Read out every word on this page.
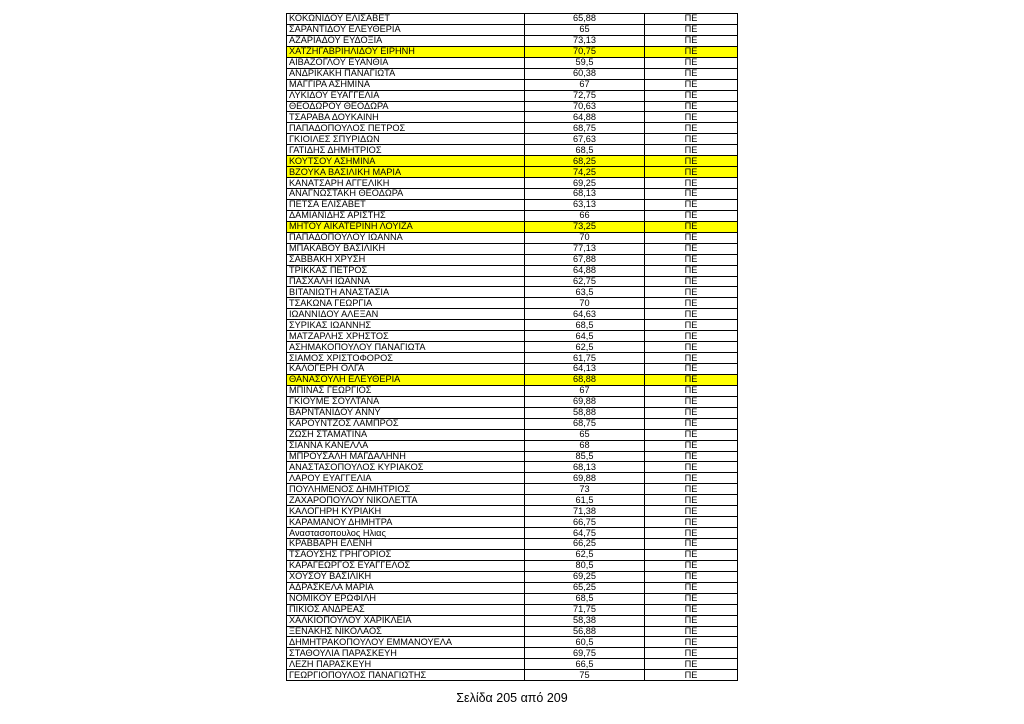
ΚΟΚΩΝΙΔΟΥ ΕΛΙΣΑΒΕΤ	65,88	ΠΕ
ΣΑΡΑΝΤΙΔΟΥ ΕΛΕΥΘΕΡΙΑ	65	ΠΕ
ΑΖΑΡΙΑΔΟΥ ΕΥΔΟΞΙΑ	73,13	ΠΕ
ΧΑΤΖΗΓΑΒΡΙΗΛΙΔΟΥ ΕΙΡΗΝΗ	70,75	ΠΕ
ΑΙΒΑΖΟΓΛΟΥ ΕΥΑΝΘΙΑ	59,5	ΠΕ
ΑΝΔΡΙΚΑΚΗ ΠΑΝΑΓΙΩΤΑ	60,38	ΠΕ
ΜΑΓΓΙΡΑ ΑΣΗΜΙΝΑ	67	ΠΕ
ΛΥΚΙΔΟΥ ΕΥΑΓΓΕΛΙΑ	72,75	ΠΕ
ΘΕΟΔΩΡΟΥ ΘΕΟΔΩΡΑ	70,63	ΠΕ
ΤΣΑΡΑΒΑ ΔΟΥΚΑΙΝΗ	64,88	ΠΕ
ΠΑΠΑΔΟΠΟΥΛΟΣ ΠΕΤΡΟΣ	68,75	ΠΕ
ΓΚΙΟΙΛΕΣ ΣΠΥΡΙΔΩΝ	67,63	ΠΕ
ΓΑΤΙΔΗΣ ΔΗΜΗΤΡΙΟΣ	68,5	ΠΕ
ΚΟΥΤΣΟΥ ΑΣΗΜΙΝΑ	68,25	ΠΕ
ΒΖΟΥΚΑ ΒΑΣΙΛΙΚΗ ΜΑΡΙΑ	74,25	ΠΕ
ΚΑΝΑΤΣΑΡΗ ΑΓΓΕΛΙΚΗ	69,25	ΠΕ
ΑΝΑΓΝΩΣΤΑΚΗ ΘΕΟΔΩΡΑ	68,13	ΠΕ
ΠΕΤΣΑ ΕΛΙΣΑΒΕΤ	63,13	ΠΕ
ΔΑΜΙΑΝΙΔΗΣ ΑΡΙΣΤΗΣ	66	ΠΕ
ΜΗΤΟΥ ΑΙΚΑΤΕΡΙΝΗ ΛΟΥΙΖΑ	73,25	ΠΕ
ΠΑΠΑΔΟΠΟΥΛΟΥ ΙΩΑΝΝΑ	70	ΠΕ
ΜΠΑΚΑΒΟΥ ΒΑΣΙΛΙΚΗ	77,13	ΠΕ
ΣΑΒΒΑΚΗ ΧΡΥΣΗ	67,88	ΠΕ
ΤΡΙΚΚΑΣ ΠΕΤΡΟΣ	64,88	ΠΕ
ΠΑΣΧΑΛΗ ΙΩΑΝΝΑ	62,75	ΠΕ
ΒΙΤΑΝΙΩΤΗ ΑΝΑΣΤΑΣΙΑ	63,5	ΠΕ
ΤΣΑΚΩΝΑ ΓΕΩΡΓΙΑ	70	ΠΕ
ΙΩΑΝΝΙΔΟΥ ΑΛΕΞΑΝ	64,63	ΠΕ
ΣΥΡΙΚΑΣ ΙΩΑΝΝΗΣ	68,5	ΠΕ
ΜΑΤΖΑΡΛΗΣ ΧΡΗΣΤΟΣ	64,5	ΠΕ
ΑΣΗΜΑΚΟΠΟΥΛΟΥ ΠΑΝΑΓΙΩΤΑ	62,5	ΠΕ
ΣΙΑΜΟΣ ΧΡΙΣΤΟΦΟΡΟΣ	61,75	ΠΕ
ΚΑΛΟΓΕΡΗ ΟΛΓΑ	64,13	ΠΕ
ΘΑΝΑΣΟΥΛΗ ΕΛΕΥΘΕΡΙΑ	68,88	ΠΕ
ΜΠΙΝΑΣ ΓΕΩΡΓΙΟΣ	67	ΠΕ
ΓΚΙΟΥΜΕ ΣΟΥΛΤΑΝΑ	69,88	ΠΕ
ΒΑΡΝΤΑΝΙΔΟΥ ΑΝΝΥ	58,88	ΠΕ
ΚΑΡΟΥΝΤΖΟΣ ΛΑΜΠΡΟΣ	68,75	ΠΕ
ΖΩΣΗ ΣΤΑΜΑΤΙΝΑ	65	ΠΕ
ΣΙΑΝΝΑ ΚΑΝΕΛΛΑ	68	ΠΕ
ΜΠΡΟΥΣΑΛΗ ΜΑΓΔΑΛΗΝΗ	85,5	ΠΕ
ΑΝΑΣΤΑΣΟΠΟΥΛΟΣ ΚΥΡΙΑΚΟΣ	68,13	ΠΕ
ΛΑΡΟΥ ΕΥΑΓΓΕΛΙΑ	69,88	ΠΕ
ΠΟΥΛΗΜΕΝΟΣ ΔΗΜΗΤΡΙΟΣ	73	ΠΕ
ΖΑΧΑΡΟΠΟΥΛΟΥ ΝΙΚΟΛΕΤΤΑ	61,5	ΠΕ
ΚΑΛΟΓΗΡΗ ΚΥΡΙΑΚΗ	71,38	ΠΕ
ΚΑΡΑΜΑΝΟΥ ΔΗΜΗΤΡΑ	66,75	ΠΕ
Αναστασοπουλος Ηλιας	64,75	ΠΕ
ΚΡΑΒΒΑΡΗ ΕΛΕΝΗ	66,25	ΠΕ
ΤΣΑΟΥΣΗΣ ΓΡΗΓΟΡΙΟΣ	62,5	ΠΕ
ΚΑΡΑΓΕΩΡΓΟΣ ΕΥΑΓΓΕΛΟΣ	80,5	ΠΕ
ΧΟΥΣΟΥ ΒΑΣΙΛΙΚΗ	69,25	ΠΕ
ΑΔΡΑΣΚΕΛΑ ΜΑΡΙΑ	65,25	ΠΕ
ΝΟΜΙΚΟΥ ΕΡΩΦΙΛΗ	68,5	ΠΕ
ΠΙΚΙΟΣ ΑΝΔΡΕΑΣ	71,75	ΠΕ
ΧΑΛΚΙΟΠΟΥΛΟΥ ΧΑΡΙΚΛΕΙΑ	58,38	ΠΕ
ΞΕΝΑΚΗΣ ΝΙΚΟΛΑΟΣ	56,88	ΠΕ
ΔΗΜΗΤΡΑΚΟΠΟΥΛΟΥ ΕΜΜΑΝΟΥΕΛΑ	60,5	ΠΕ
ΣΤΑΘΟΥΛΙΑ ΠΑΡΑΣΚΕΥΗ	69,75	ΠΕ
ΛΕΖΗ ΠΑΡΑΣΚΕΥΗ	66,5	ΠΕ
ΓΕΩΡΓΙΟΠΟΥΛΟΣ ΠΑΝΑΓΙΩΤΗΣ	75	ΠΕ
Σελίδα 205 από 209
